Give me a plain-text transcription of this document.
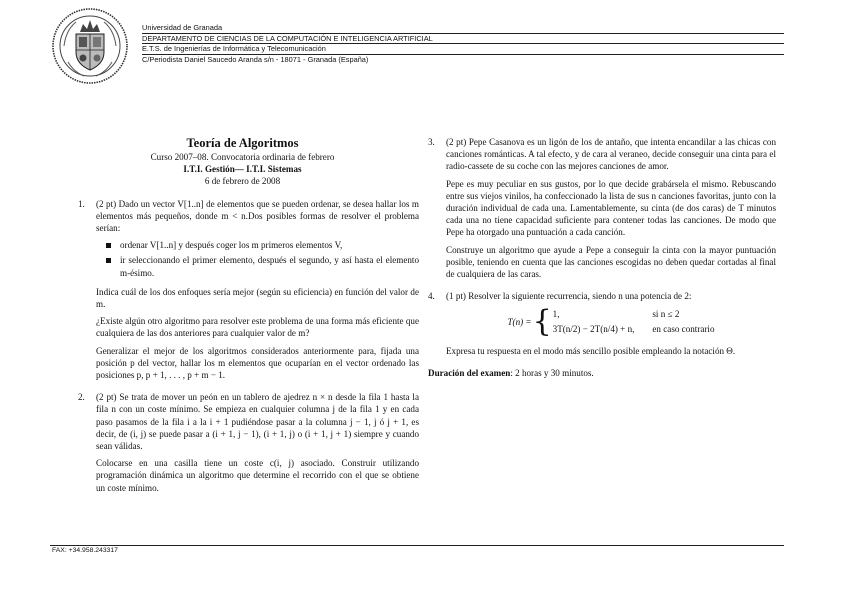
Universidad de Granada
DEPARTAMENTO DE CIENCIAS DE LA COMPUTACIÓN E INTELIGENCIA ARTIFICIAL
E.T.S. de Ingenierías de Informática y Telecomunicación
C/Periodista Daniel Saucedo Aranda s/n - 18071 - Granada (España)
Teoría de Algoritmos
Curso 2007–08. Convocatoria ordinaria de febrero
I.T.I. Gestión— I.T.I. Sistemas
6 de febrero de 2008
1. (2 pt) Dado un vector V[1..n] de elementos que se pueden ordenar, se desea hallar los m elementos más pequeños, donde m < n.Dos posibles formas de resolver el problema serían:

ordenar V[1..n] y después coger los m primeros elementos V,
ir seleccionando el primer elemento, después el segundo, y así hasta el elemento m-ésimo.

Indica cuál de los dos enfoques sería mejor (según su eficiencia) en función del valor de m.

¿Existe algún otro algoritmo para resolver este problema de una forma más eficiente que cualquiera de las dos anteriores para cualquier valor de m?

Generalizar el mejor de los algoritmos considerados anteriormente para, fijada una posición p del vector, hallar los m elementos que ocuparían en el vector ordenado las posiciones p, p + 1, . . . , p + m − 1.

2. (2 pt) Se trata de mover un peón en un tablero de ajedrez n × n desde la fila 1 hasta la fila n con un coste mínimo. Se empieza en cualquier columna j de la fila 1 y en cada paso pasamos de la fila i a la i + 1 pudiéndose pasar a la columna j − 1, j ó j + 1, es decir, de (i, j) se puede pasar a (i + 1, j − 1), (i + 1, j) o (i + 1, j + 1) siempre y cuando sean válidas.

Colocarse en una casilla tiene un coste c(i, j) asociado. Construir utilizando programación dinámica un algoritmo que determine el recorrido con el que se obtiene un coste mínimo.

3. (2 pt) Pepe Casanova es un ligón de los de antaño, que intenta encandilar a las chicas con canciones románticas. A tal efecto, y de cara al veraneo, decide conseguir una cinta para el radio-cassete de su coche con las mejores canciones de amor.

Pepe es muy peculiar en sus gustos, por lo que decide grabársela el mismo. Rebuscando entre sus viejos vinilos, ha confeccionado la lista de sus n canciones favoritas, junto con la duración individual de cada una. Lamentablemente, su cinta (de dos caras) de T minutos cada una no tiene capacidad suficiente para contener todas las canciones. De modo que Pepe ha otorgado una puntuación a cada canción.

Construye un algoritmo que ayude a Pepe a conseguir la cinta con la mayor puntuación posible, teniendo en cuenta que las canciones escogidas no deben quedar cortadas al final de cualquiera de las caras.

4. (1 pt) Resolver la siguiente recurrencia, siendo n una potencia de 2:

T(n) = { 1,	si n ≤ 2
3T(n/2) − 2T(n/4) + n, en caso contrario

Expresa tu respuesta en el modo más sencillo posible empleando la notación Θ.

Duración del examen: 2 horas y 30 minutos.
FAX: +34.958.243317
